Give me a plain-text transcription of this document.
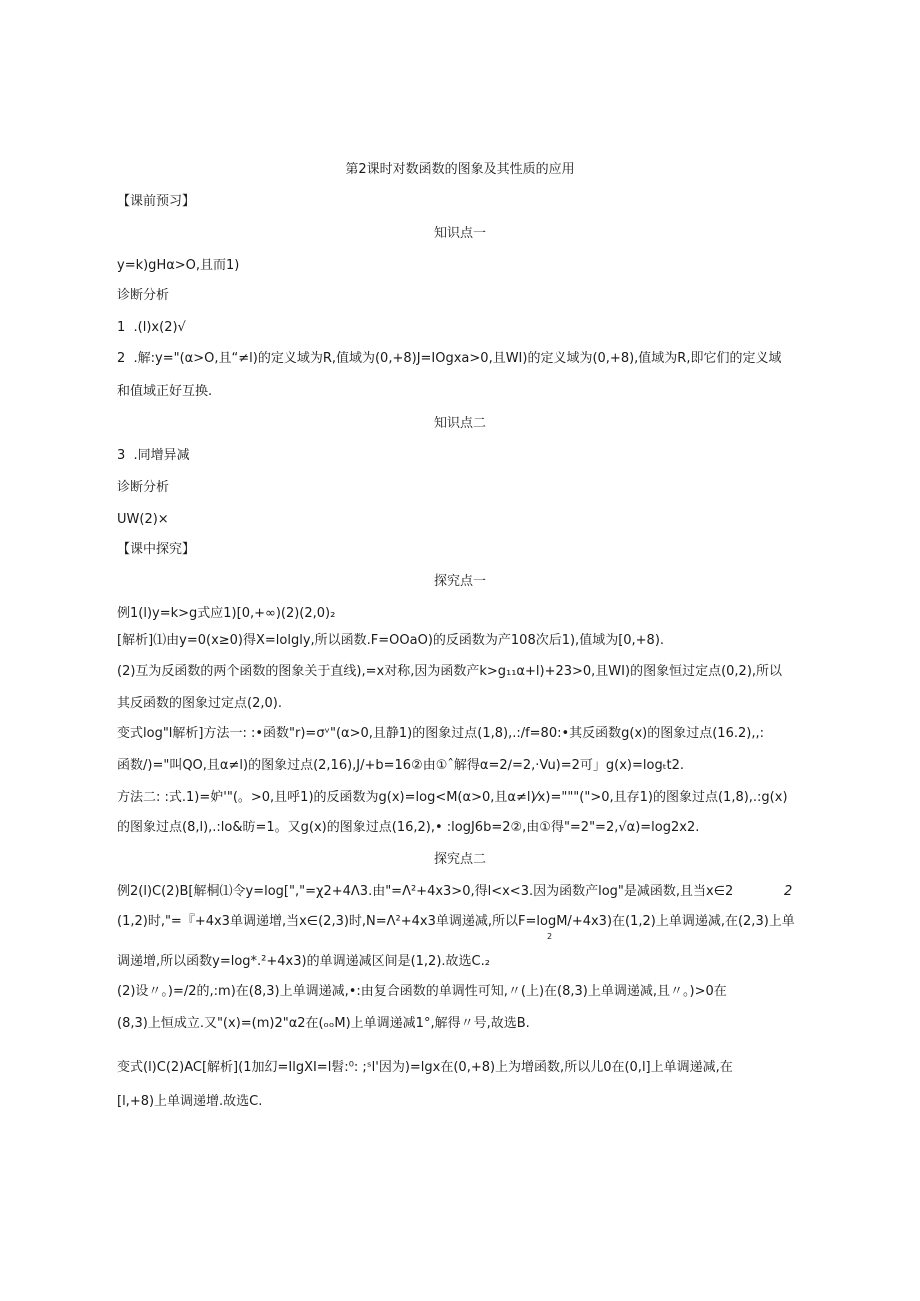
第2课时对数函数的图象及其性质的应用
【课前预习】
知识点一
y=k)gHα>O,且而1)
诊断分析
1  .(l)x(2)√
2  .解:y="(α>O,且“≠l)的定义域为R,值域为(0,+8)J=IOgxa>0,且WI)的定义域为(0,+8),值域为R,即它们的定义域
和值域正好互换.
知识点二
3  .同增异减
诊断分析
UW(2)×
【课中探究】
探究点一
例1(l)y=k>g式应1)[0,+∞)(2)(2,0)₂
[解析]⑴由y=0(x≥0)得X=lolgly,所以函数.F=OOaO)的反函数为产108次后1),值域为[0,+8).
(2)互为反函数的两个函数的图象关于直线),=x对称,因为函数产k>g₁₁α+l)+23>0,且WI)的图象恒过定点(0,2),所以
其反函数的图象过定点(2,0).
变式log"l解析]方法一: :•函数"r)=σᵛ"(α>0,且静1)的图象过点(1,8),.:/f=80:•其反函数g(x)的图象过点(16.2),,:
函数/)="叫QO,且α≠l)的图象过点(2,16),J/+b=16②由①ˆ解得α=2∕=2,·Vu)=2可」g(x)=logₜt2.
方法二: :式.1)=妒'"(。>0,且呼1)的反函数为g(x)=log<M(α>0,且α≠l)⁄x)="""(">0,且存1)的图象过点(1,8),.:g(x)
的图象过点(8,l),.:lo&昉=1。又g(x)的图象过点(16,2),• :logJ6b=2②,由①得"=2"=2,√α)=log2x2.
探究点二
例2(l)C(2)B[解桐⑴令y=log[","=χ2+4Λ3.由"=Λ²+4x3>0,得l<x<3.因为函数产log"是减函数,且当x∈2	2
(1,2)时,"=『+4x3单调递增,当x∈(2,3)时,N=Λ²+4x3单调递减,所以F=logM/+4x3)在(1,2)上单调递减,在(2,3)上单
2
调递增,所以函数y=log*.²+4x3)的单调递减区间是(1,2).故选C.₂
(2)设〃。)=/2的,:m)在(8,3)上单调递减,•:由复合函数的单调性可知,〃(上)在(8,3)上单调递减,且〃。)>0在
(8,3)上恒成立.又"(x)=(m)2"α2在(ₒₒM)上单调递减1°,解得〃号,故选B.
变式(l)C(2)AC[解析](1加幻=IlgXI=l髫:⁰: ;ˢl'因为)=lgx在(0,+8)上为增函数,所以儿0在(0,l]上单调递减,在
[l,+8)上单调递增.故选C.
